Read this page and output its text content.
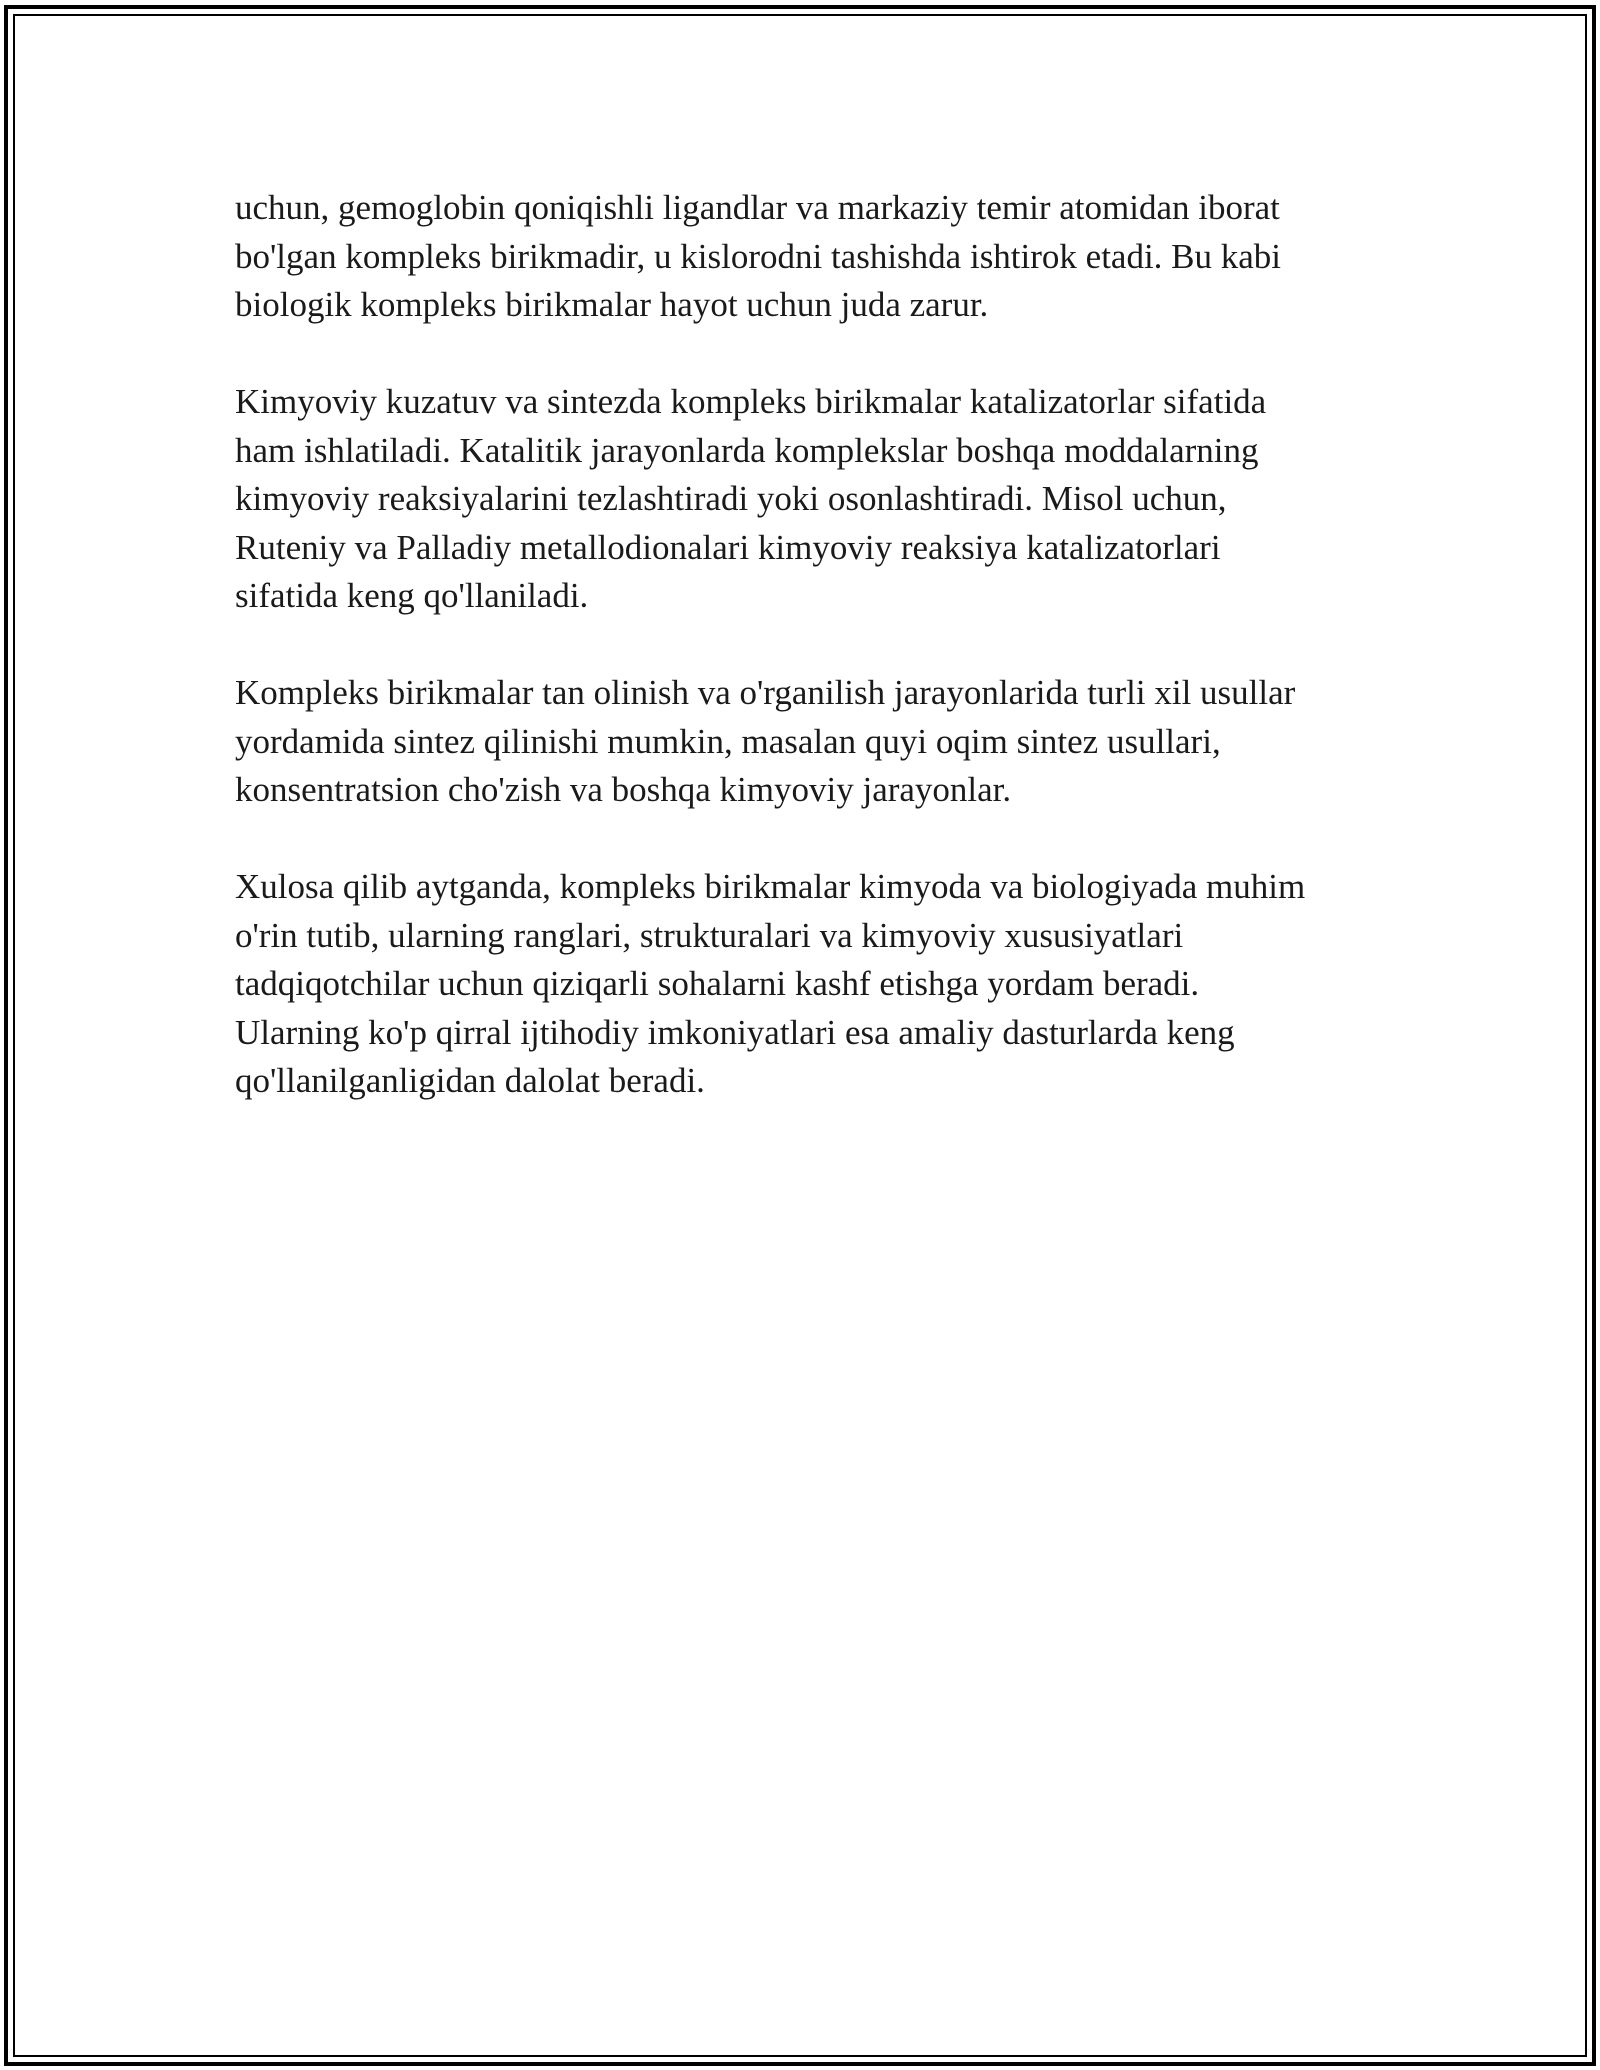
uchun, gemoglobin qoniqishli ligandlar va markaziy temir atomidan iborat
bo'lgan kompleks birikmadir, u kislorodni tashishda ishtirok etadi. Bu kabi
biologik kompleks birikmalar hayot uchun juda zarur.

Kimyoviy kuzatuv va sintezda kompleks birikmalar katalizatorlar sifatida
ham ishlatiladi. Katalitik jarayonlarda komplekslar boshqa moddalarning
kimyoviy reaksiyalarini tezlashtiradi yoki osonlashtiradi. Misol uchun,
Ruteniy va Palladiy metallodionalari kimyoviy reaksiya katalizatorlari
sifatida keng qo'llaniladi.

Kompleks birikmalar tan olinish va o'rganilish jarayonlarida turli xil usullar
yordamida sintez qilinishi mumkin, masalan quyi oqim sintez usullari,
konsentratsion cho'zish va boshqa kimyoviy jarayonlar.

Xulosa qilib aytganda, kompleks birikmalar kimyoda va biologiyada muhim
o'rin tutib, ularning ranglari, strukturalari va kimyoviy xususiyatlari
tadqiqotchilar uchun qiziqarli sohalarni kashf etishga yordam beradi.
Ularning ko'p qirral ijtihodiy imkoniyatlari esa amaliy dasturlarda keng
qo'llanilganligidan dalolat beradi.
